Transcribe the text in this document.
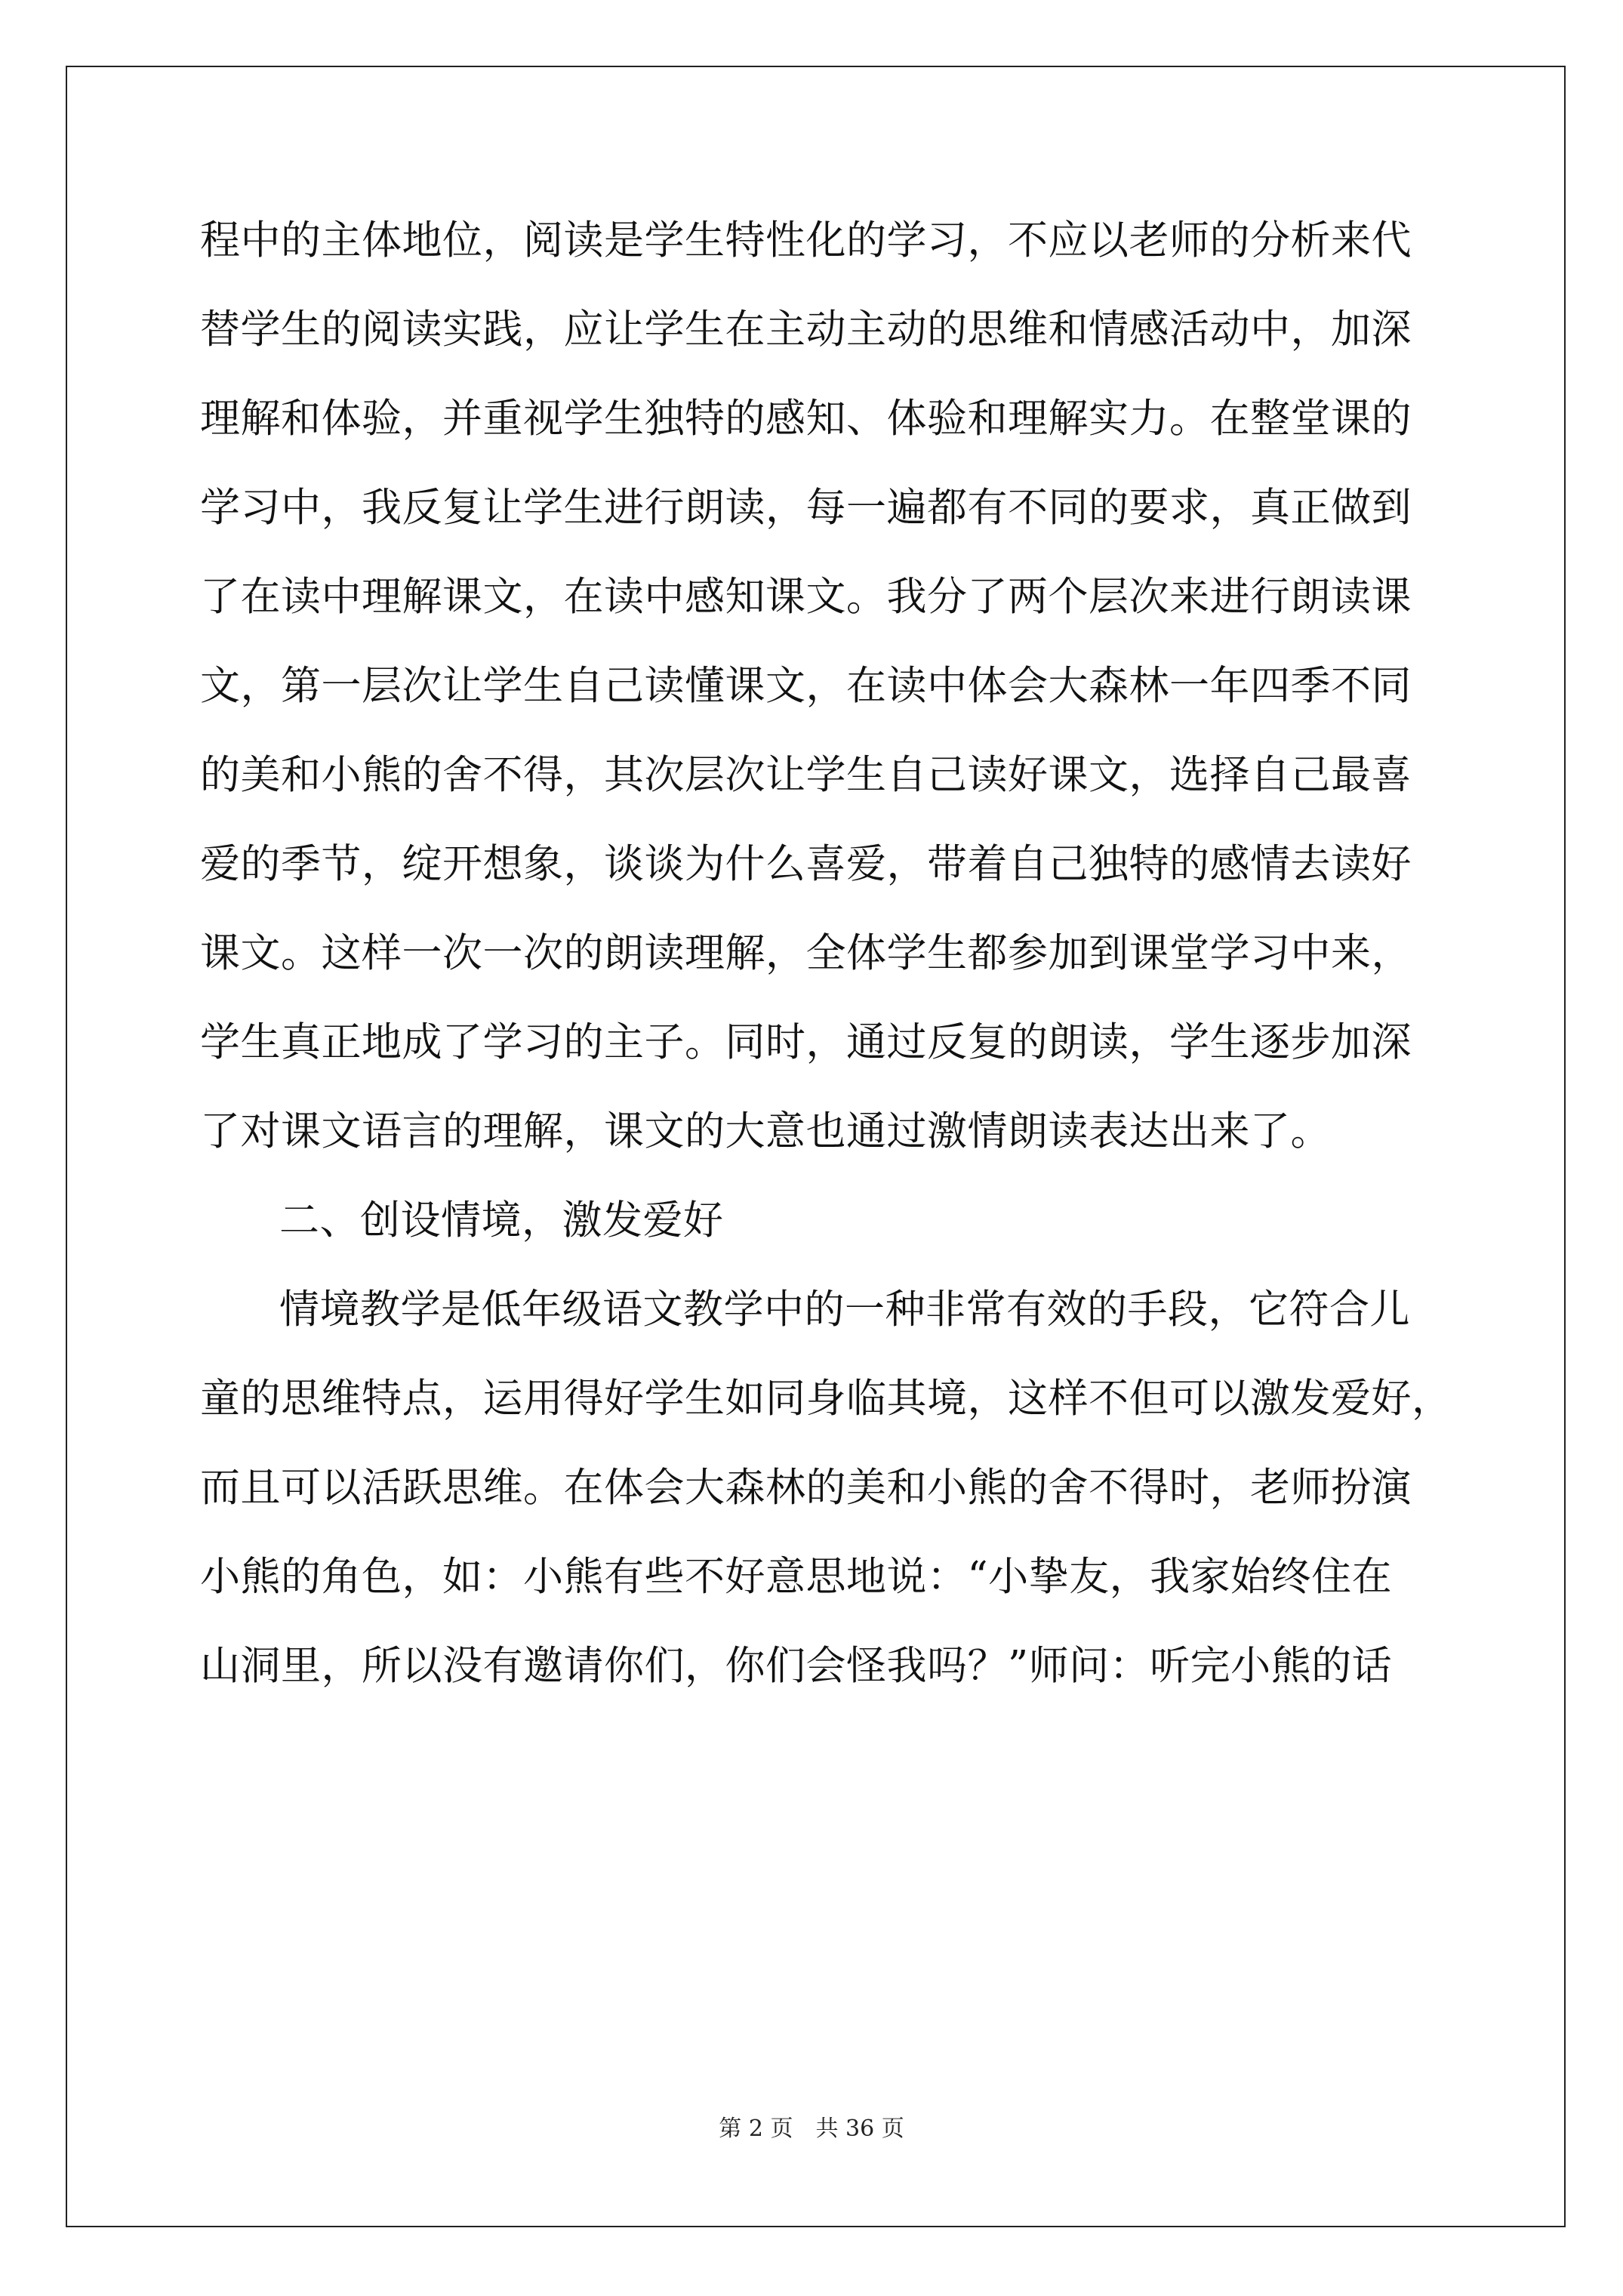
程中的主体地位，阅读是学生特性化的学习，不应以老师的分析来代
替学生的阅读实践，应让学生在主动主动的思维和情感活动中，加深
理解和体验，并重视学生独特的感知、体验和理解实力。在整堂课的
学习中，我反复让学生进行朗读，每一遍都有不同的要求，真正做到
了在读中理解课文，在读中感知课文。我分了两个层次来进行朗读课
文，第一层次让学生自己读懂课文，在读中体会大森林一年四季不同
的美和小熊的舍不得，其次层次让学生自己读好课文，选择自己最喜
爱的季节，绽开想象，谈谈为什么喜爱，带着自己独特的感情去读好
课文。这样一次一次的朗读理解，全体学生都参加到课堂学习中来，
学生真正地成了学习的主子。同时，通过反复的朗读，学生逐步加深
了对课文语言的理解，课文的大意也通过激情朗读表达出来了。
二、创设情境，激发爱好
情境教学是低年级语文教学中的一种非常有效的手段，它符合儿
童的思维特点，运用得好学生如同身临其境，这样不但可以激发爱好，
而且可以活跃思维。在体会大森林的美和小熊的舍不得时，老师扮演
小熊的角色，如：小熊有些不好意思地说：“小挚友，我家始终住在
山洞里，所以没有邀请你们，你们会怪我吗？”师问：听完小熊的话
第 2 页 共 36 页
